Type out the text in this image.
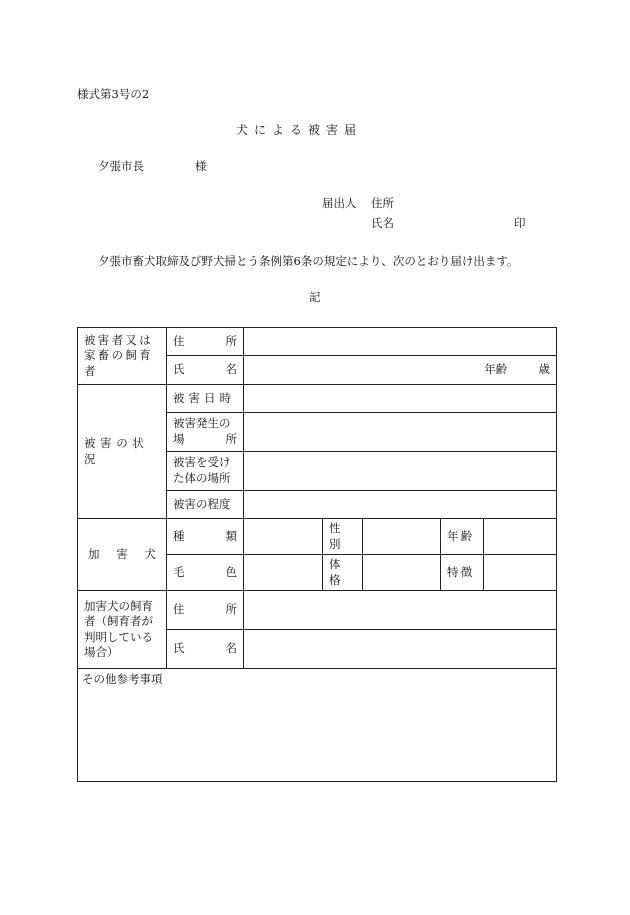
様式第3号の2
犬による被害届
夕張市長	様
届出人 住所
氏名	印
夕張市畜犬取締及び野犬掃とう条例第6条の規定により、次のとおり届け出ます。
記
被害者又は家畜の飼育者	住 所					

	氏 名	年齢 歳				
被害の状況	被害日時					

	被害発生の
場 所					

	被害を受けた体の場所					

	被害の程度					

加 害 犬	種 類		性別		年齢	

	毛 色		体格		特徴	

加害犬の飼育者（飼育者が判明している場合）	住 所					

	氏 名					

その他参考事項						
